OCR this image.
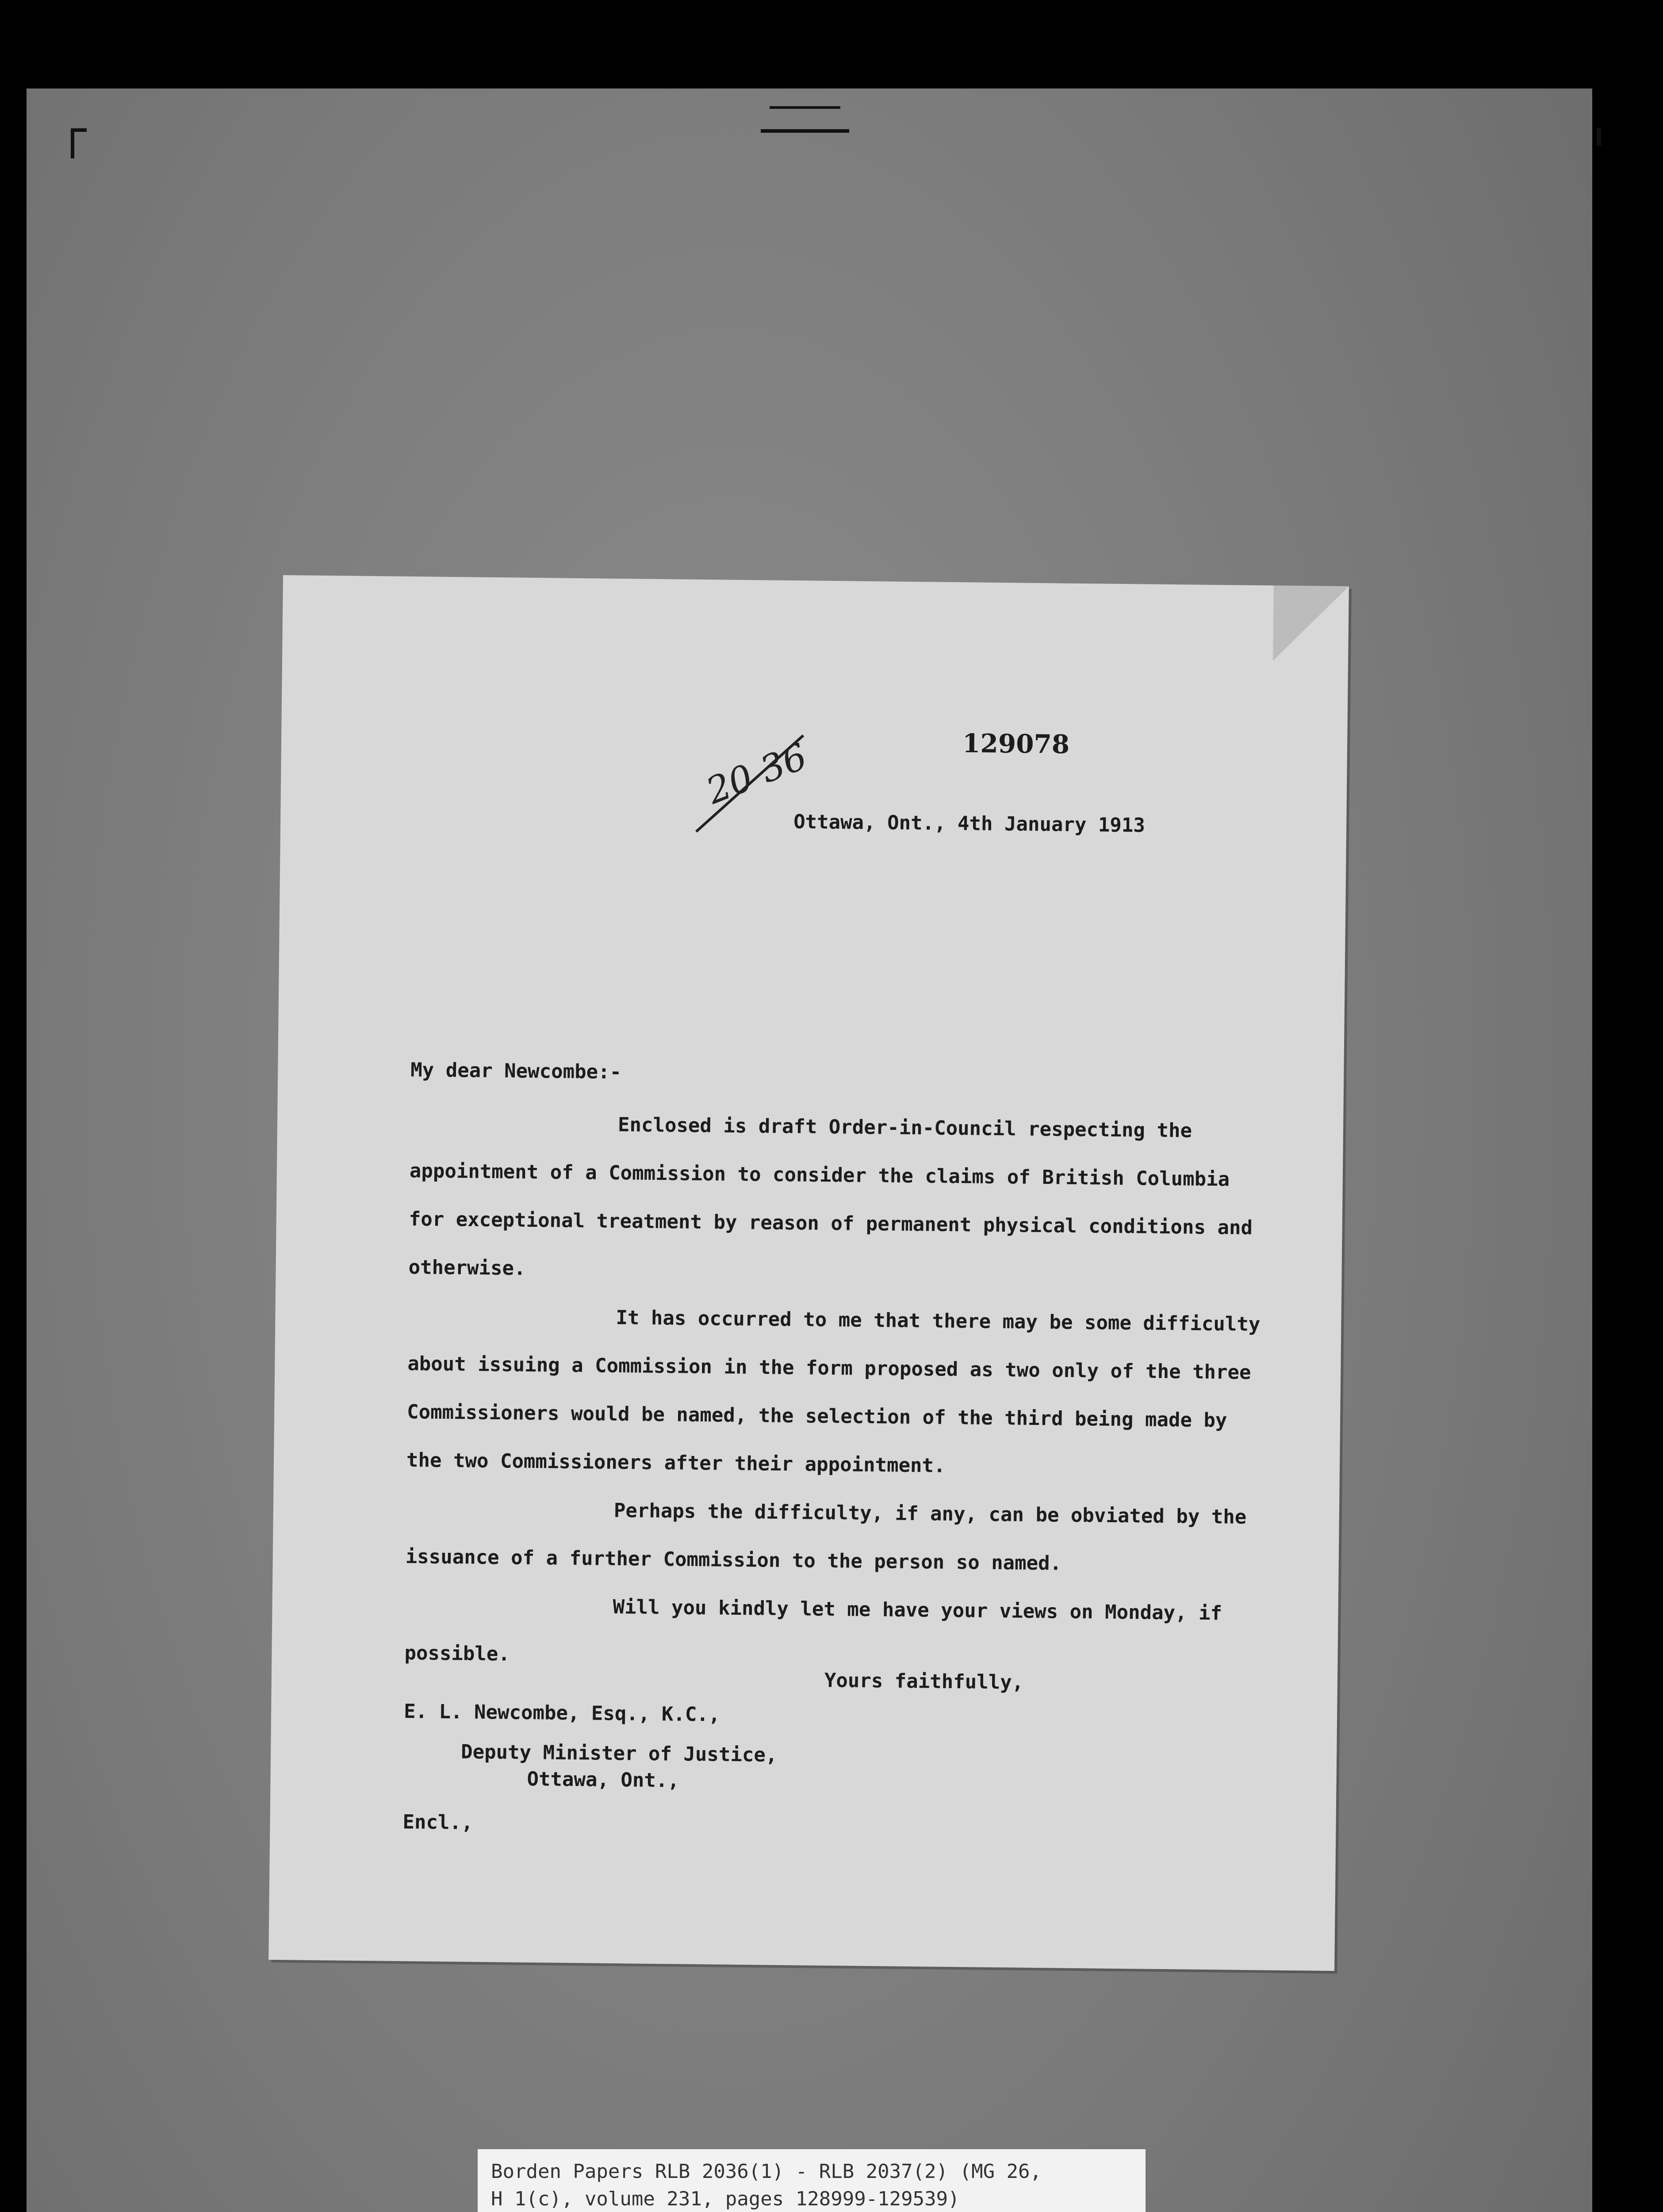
20 36	129078
Ottawa, Ont., 4th January 1913
My dear Newcombe:-

Enclosed is draft Order-in-Council respecting the appointment of a Commission to consider the claims of British Columbia for exceptional treatment by reason of permanent physical conditions and otherwise.

It has occurred to me that there may be some difficulty about issuing a Commission in the form proposed as two only of the three Commissioners would be named, the selection of the third being made by the two Commissioners after their appointment.

Perhaps the difficulty, if any, can be obviated by the issuance of a further Commission to the person so named.

Will you kindly let me have your views on Monday, if possible.

Yours faithfully,
E. L. Newcombe, Esq., K.C.,
Deputy Minister of Justice,
Ottawa, Ont.,
Encl.,
Borden Papers RLB 2036(1) - RLB 2037(2) (MG 26,
H 1(c), volume 231, pages 128999-129539)
